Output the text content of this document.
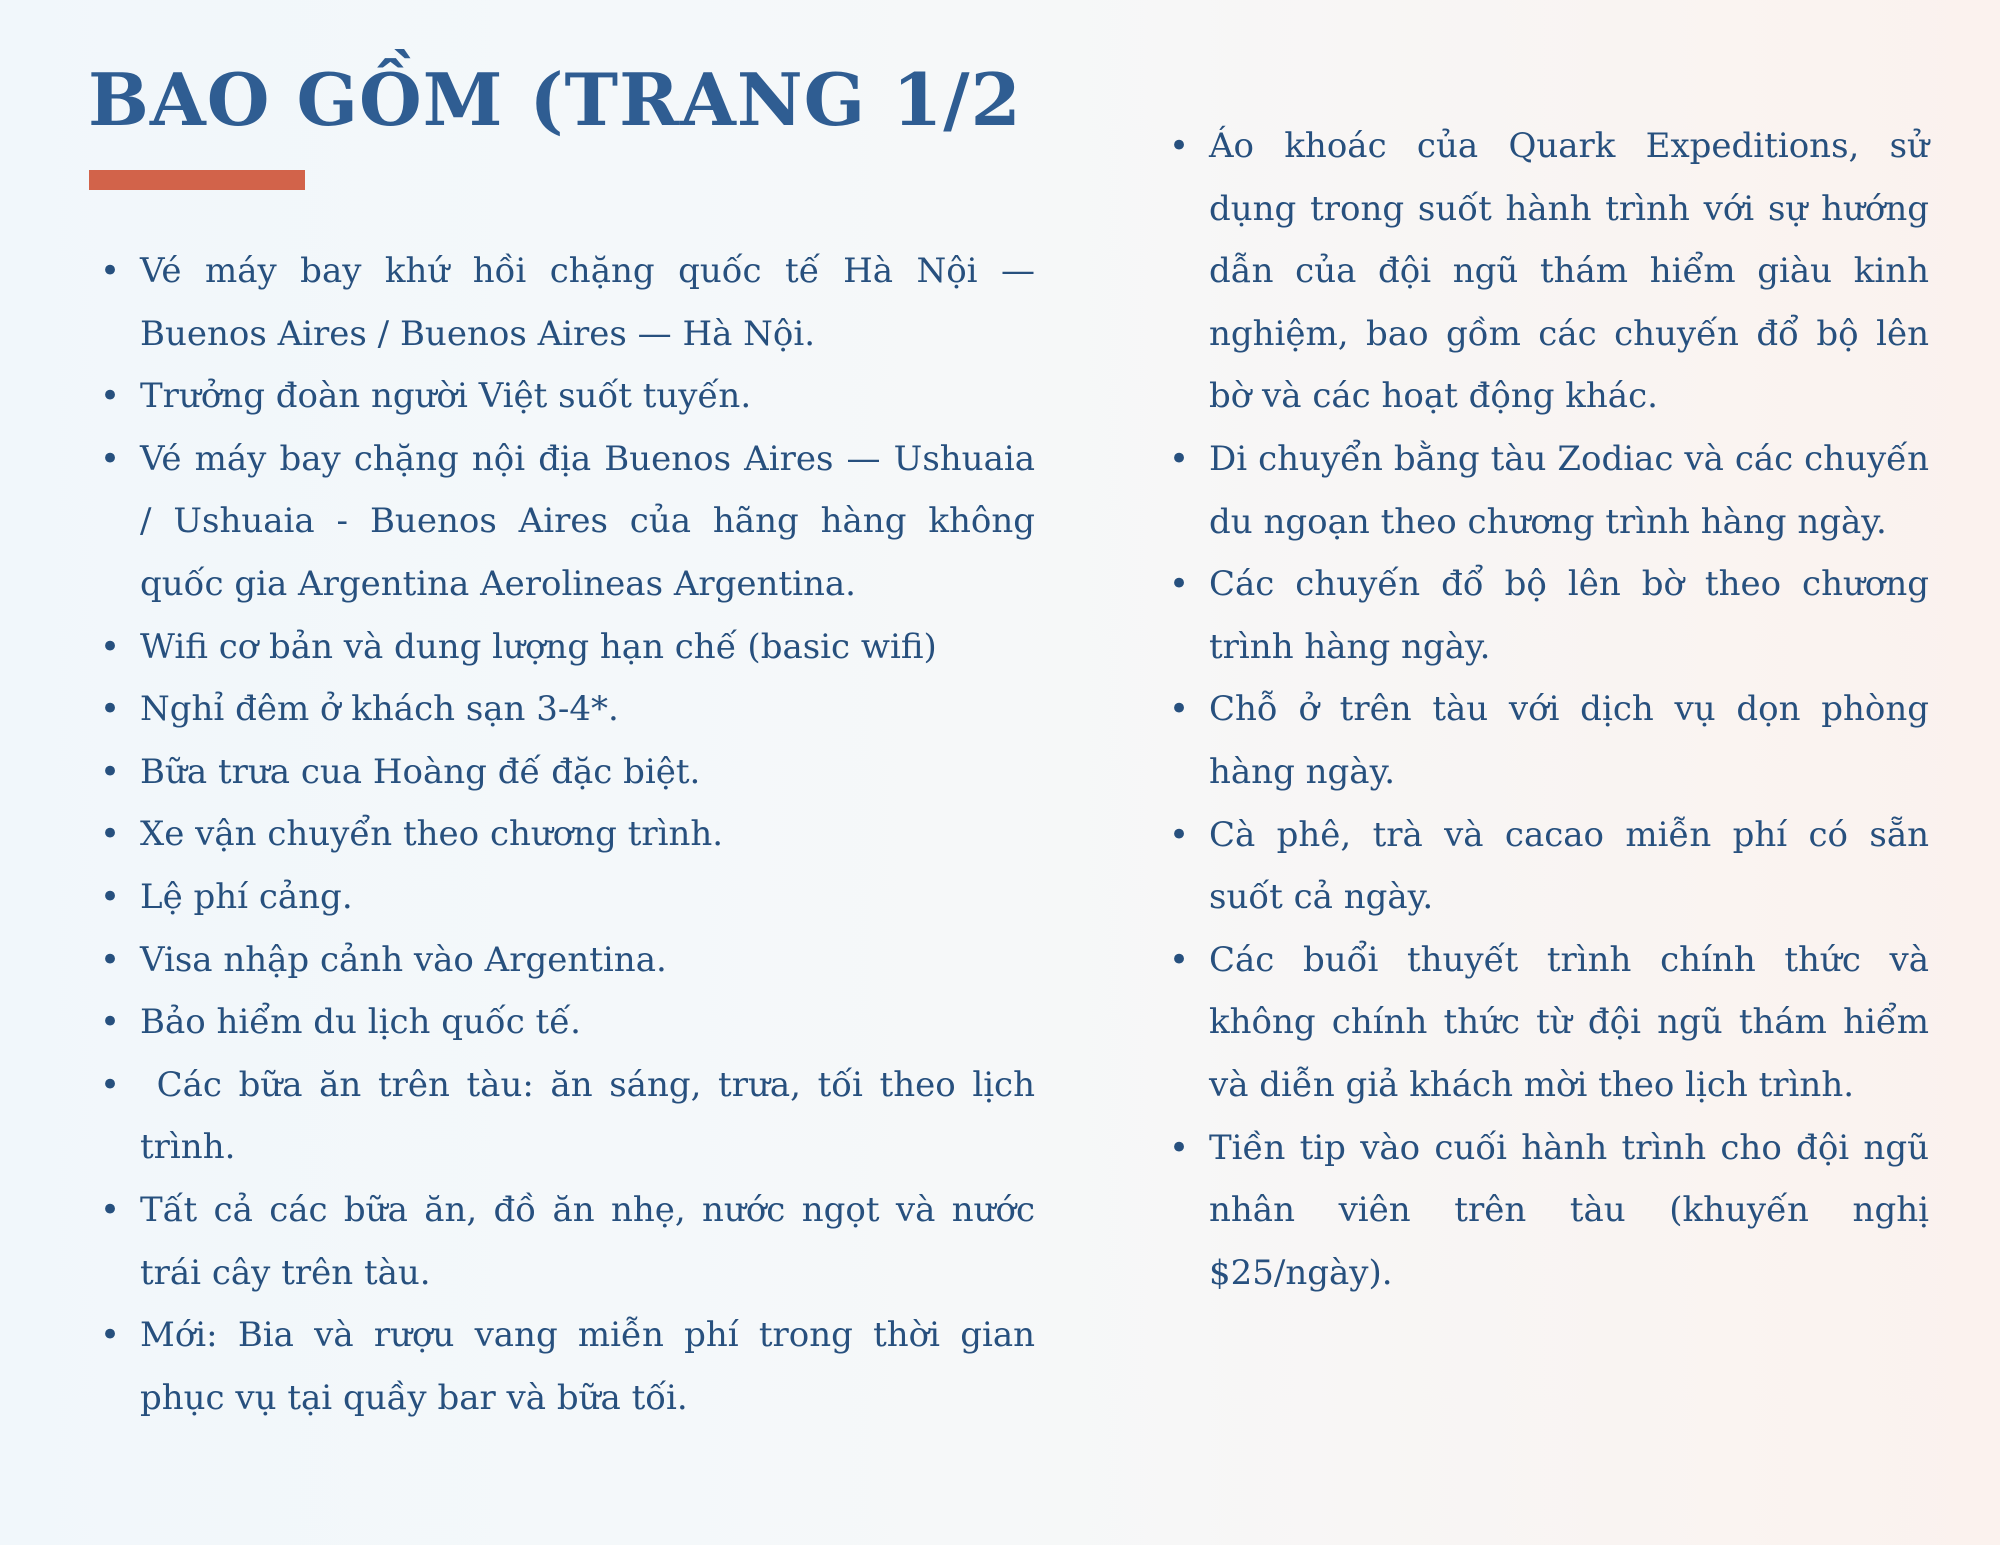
BAO GỒM (TRANG 1/2
• Vé máy bay khứ hồi chặng quốc tế Hà Nội — Buenos Aires / Buenos Aires — Hà Nội.
• Trưởng đoàn người Việt suốt tuyến.
• Vé máy bay chặng nội địa Buenos Aires — Ushuaia / Ushuaia - Buenos Aires của hãng hàng không quốc gia Argentina Aerolineas Argentina.
• Wifi cơ bản và dung lượng hạn chế (basic wifi)
• Nghỉ đêm ở khách sạn 3-4*.
• Bữa trưa cua Hoàng đế đặc biệt.
• Xe vận chuyển theo chương trình.
• Lệ phí cảng.
• Visa nhập cảnh vào Argentina.
• Bảo hiểm du lịch quốc tế.
• Các bữa ăn trên tàu: ăn sáng, trưa, tối theo lịch trình.
• Tất cả các bữa ăn, đồ ăn nhẹ, nước ngọt và nước trái cây trên tàu.
• Mới: Bia và rượu vang miễn phí trong thời gian phục vụ tại quầy bar và bữa tối.
• Áo khoác của Quark Expeditions, sử dụng trong suốt hành trình với sự hướng dẫn của đội ngũ thám hiểm giàu kinh nghiệm, bao gồm các chuyến đổ bộ lên bờ và các hoạt động khác.
• Di chuyển bằng tàu Zodiac và các chuyến du ngoạn theo chương trình hàng ngày.
• Các chuyến đổ bộ lên bờ theo chương trình hàng ngày.
• Chỗ ở trên tàu với dịch vụ dọn phòng hàng ngày.
• Cà phê, trà và cacao miễn phí có sẵn suốt cả ngày.
• Các buổi thuyết trình chính thức và không chính thức từ đội ngũ thám hiểm và diễn giả khách mời theo lịch trình.
• Tiền tip vào cuối hành trình cho đội ngũ nhân viên trên tàu (khuyến nghị $25/ngày).
